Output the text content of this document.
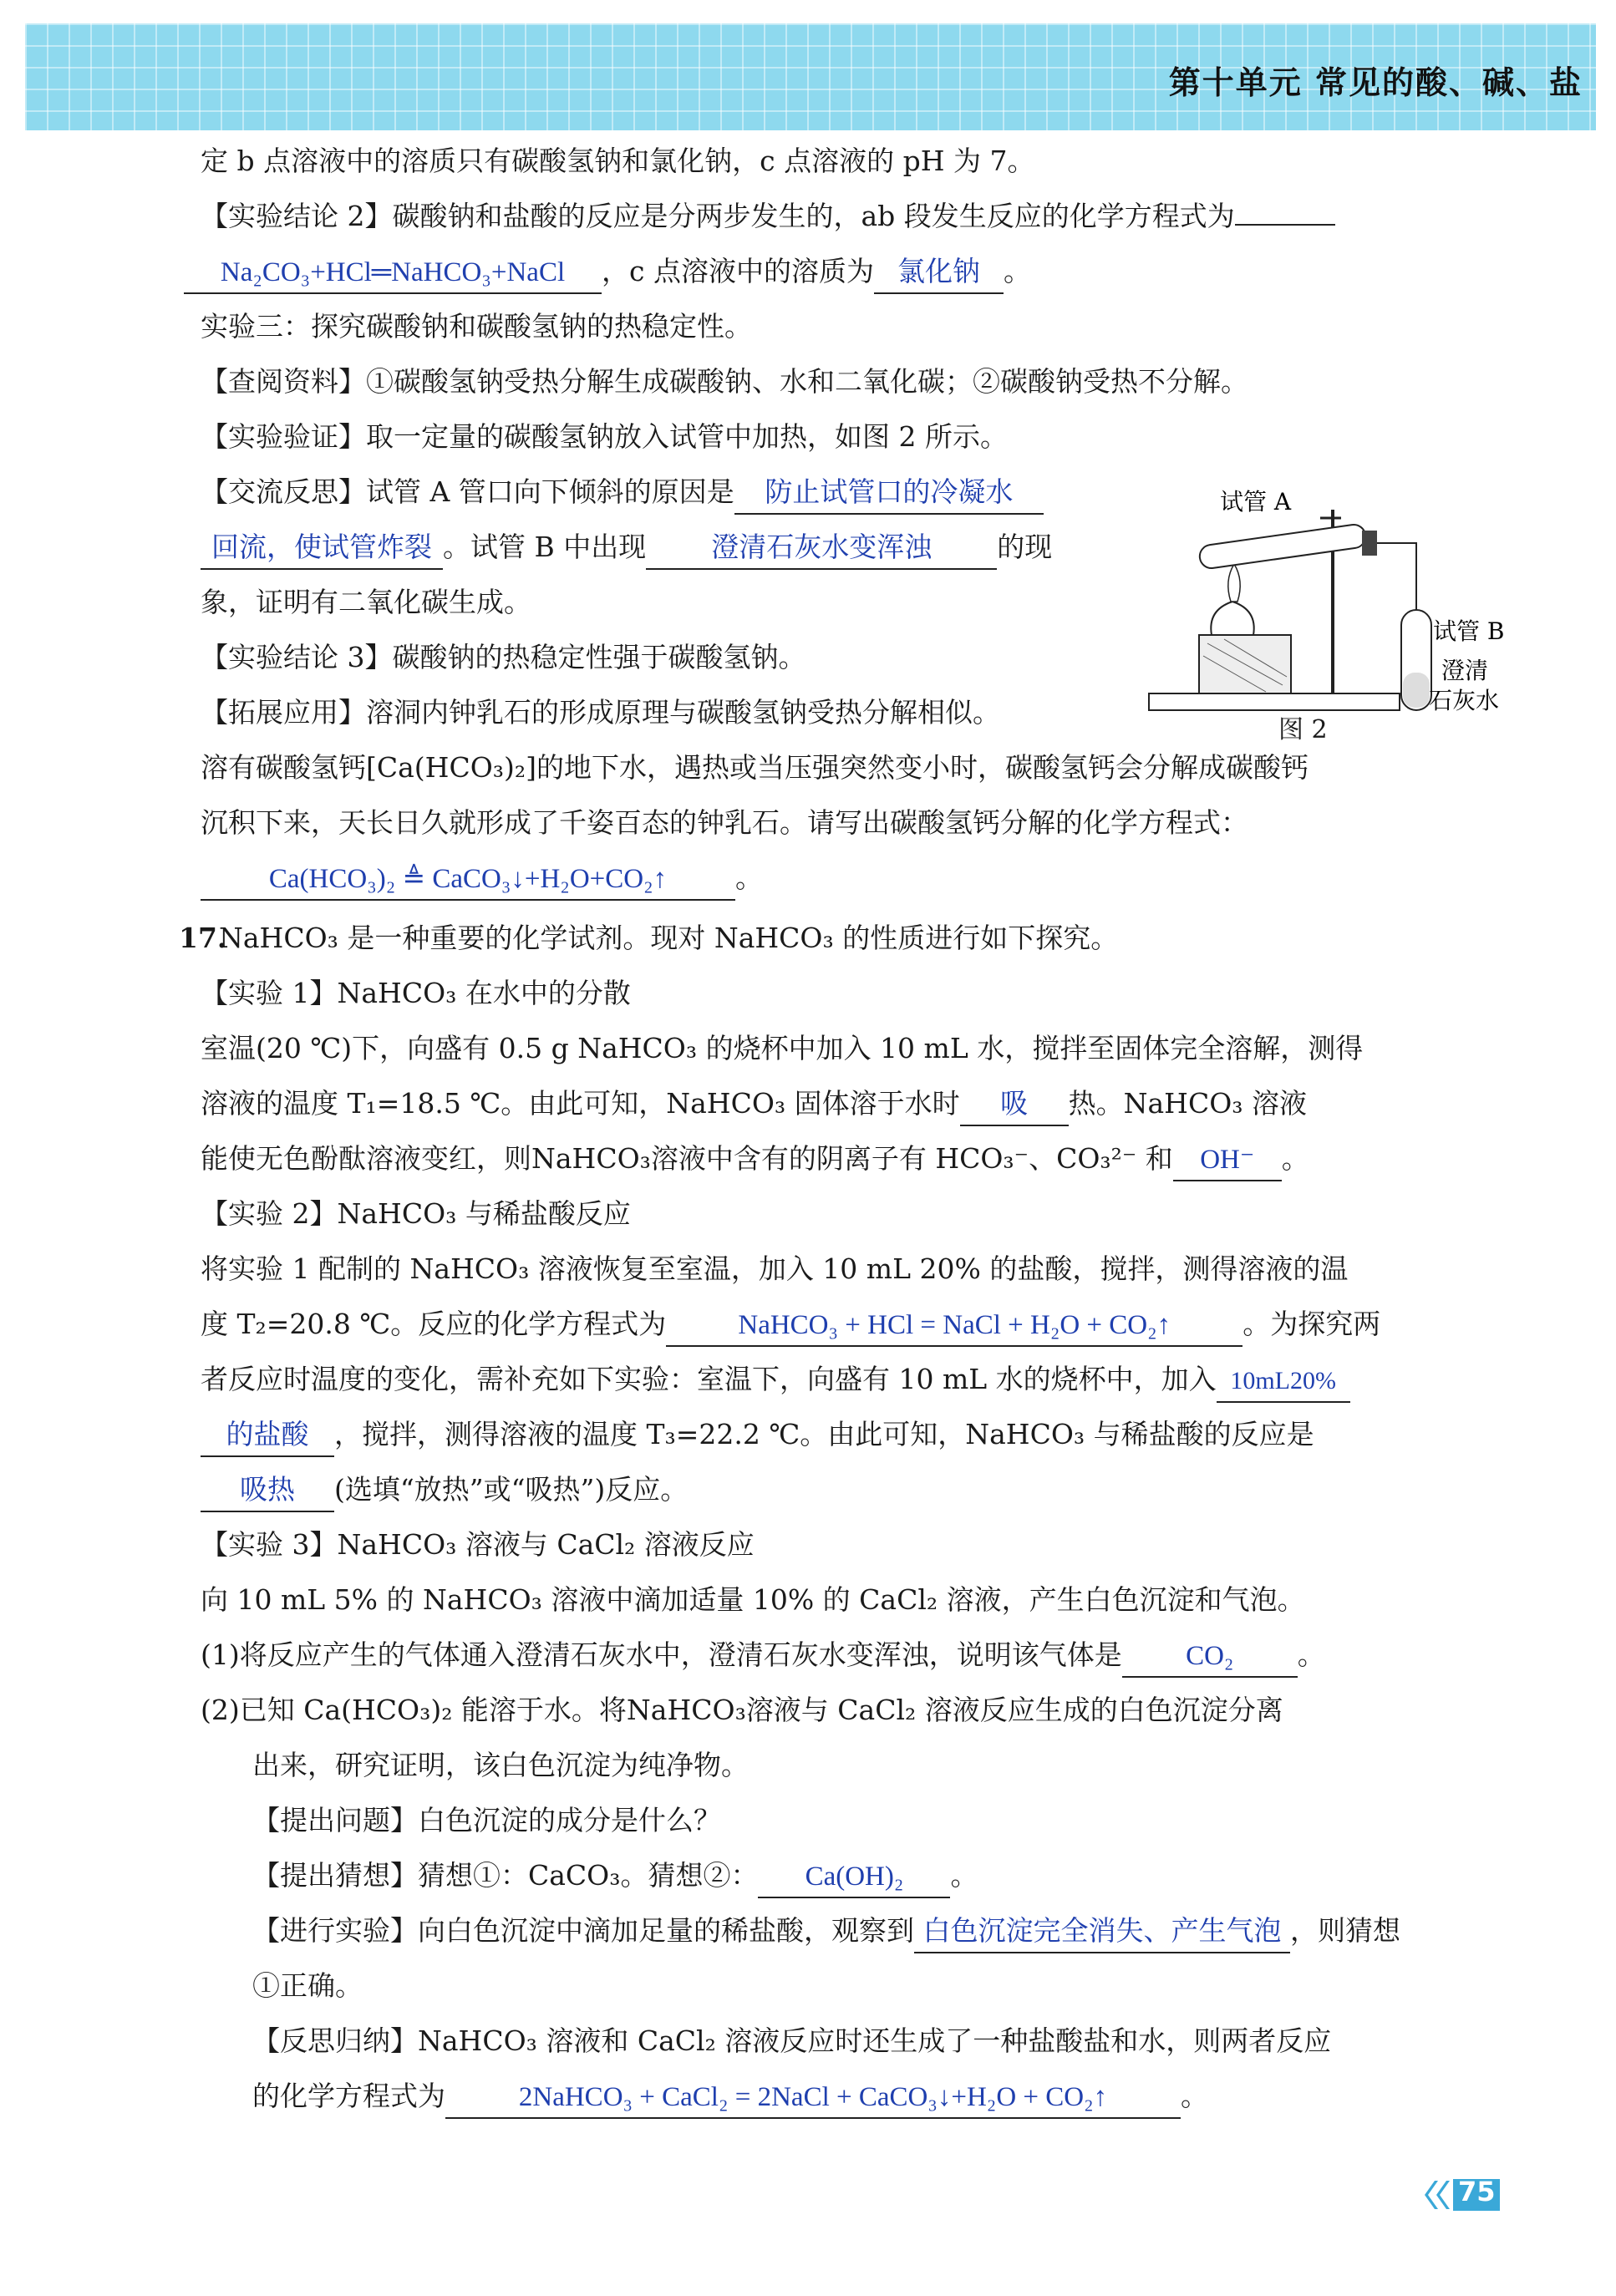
第十单元 常见的酸、碱、盐
定 b 点溶液中的溶质只有碳酸氢钠和氯化钠，c 点溶液的 pH 为 7。
【实验结论 2】碳酸钠和盐酸的反应是分两步发生的，ab 段发生反应的化学方程式为
Na₂CO₃+HCl═NaHCO₃+NaCl ，c 点溶液中的溶质为 氯化钠 。
实验三：探究碳酸钠和碳酸氢钠的热稳定性。
【查阅资料】①碳酸氢钠受热分解生成碳酸钠、水和二氧化碳；②碳酸钠受热不分解。
【实验验证】取一定量的碳酸氢钠放入试管中加热，如图 2 所示。
【交流反思】试管 A 管口向下倾斜的原因是 防止试管口的冷凝水
回流，使试管炸裂 。试管 B 中出现 澄清石灰水变浑浊 的现
象，证明有二氧化碳生成。
【实验结论 3】碳酸钠的热稳定性强于碳酸氢钠。
【拓展应用】溶洞内钟乳石的形成原理与碳酸氢钠受热分解相似。
溶有碳酸氢钙[Ca(HCO₃)₂]的地下水，遇热或当压强突然变小时，碳酸氢钙会分解成碳酸钙
沉积下来，天长日久就形成了千姿百态的钟乳石。请写出碳酸氢钙分解的化学方程式：
Ca(HCO₃)₂ ≜ CaCO₃↓+H₂O+CO₂↑ 。
17.
NaHCO₃ 是一种重要的化学试剂。现对 NaHCO₃ 的性质进行如下探究。
【实验 1】NaHCO₃ 在水中的分散
室温(20 ℃)下，向盛有 0.5 g NaHCO₃ 的烧杯中加入 10 mL 水，搅拌至固体完全溶解，测得
溶液的温度 T₁=18.5 ℃。由此可知，NaHCO₃ 固体溶于水时 吸 热。NaHCO₃ 溶液
能使无色酚酞溶液变红，则NaHCO₃溶液中含有的阴离子有 HCO₃⁻、CO₃²⁻ 和 OH⁻ 。
【实验 2】NaHCO₃ 与稀盐酸反应
将实验 1 配制的 NaHCO₃ 溶液恢复至室温，加入 10 mL 20% 的盐酸，搅拌，测得溶液的温
度 T₂=20.8 ℃。反应的化学方程式为	NaHCO₃ + HCl = NaCl + H₂O + CO₂↑	。为探究两
者反应时温度的变化，需补充如下实验：室温下，向盛有 10 mL 水的烧杯中，加入 10mL20%
的盐酸 ，搅拌，测得溶液的温度 T₃=22.2 ℃。由此可知，NaHCO₃ 与稀盐酸的反应是
吸热 (选填“放热”或“吸热”)反应。
【实验 3】NaHCO₃ 溶液与 CaCl₂ 溶液反应
向 10 mL 5% 的 NaHCO₃ 溶液中滴加适量 10% 的 CaCl₂ 溶液，产生白色沉淀和气泡。
(1)将反应产生的气体通入澄清石灰水中，澄清石灰水变浑浊，说明该气体是 CO₂ 。
(2)已知 Ca(HCO₃)₂ 能溶于水。将NaHCO₃溶液与 CaCl₂ 溶液反应生成的白色沉淀分离
出来，研究证明，该白色沉淀为纯净物。
【提出问题】白色沉淀的成分是什么？
【提出猜想】猜想①：CaCO₃。猜想②： Ca(OH)₂ 。
【进行实验】向白色沉淀中滴加足量的稀盐酸，观察到 白色沉淀完全消失、产生气泡 ，则猜想
①正确。
【反思归纳】NaHCO₃ 溶液和 CaCl₂ 溶液反应时还生成了一种盐酸盐和水，则两者反应
的化学方程式为	2NaHCO₃ + CaCl₂ = 2NaCl + CaCO₃↓+H₂O + CO₂↑	。
试管 A
试管 B
澄清
石灰水
图 2
75
